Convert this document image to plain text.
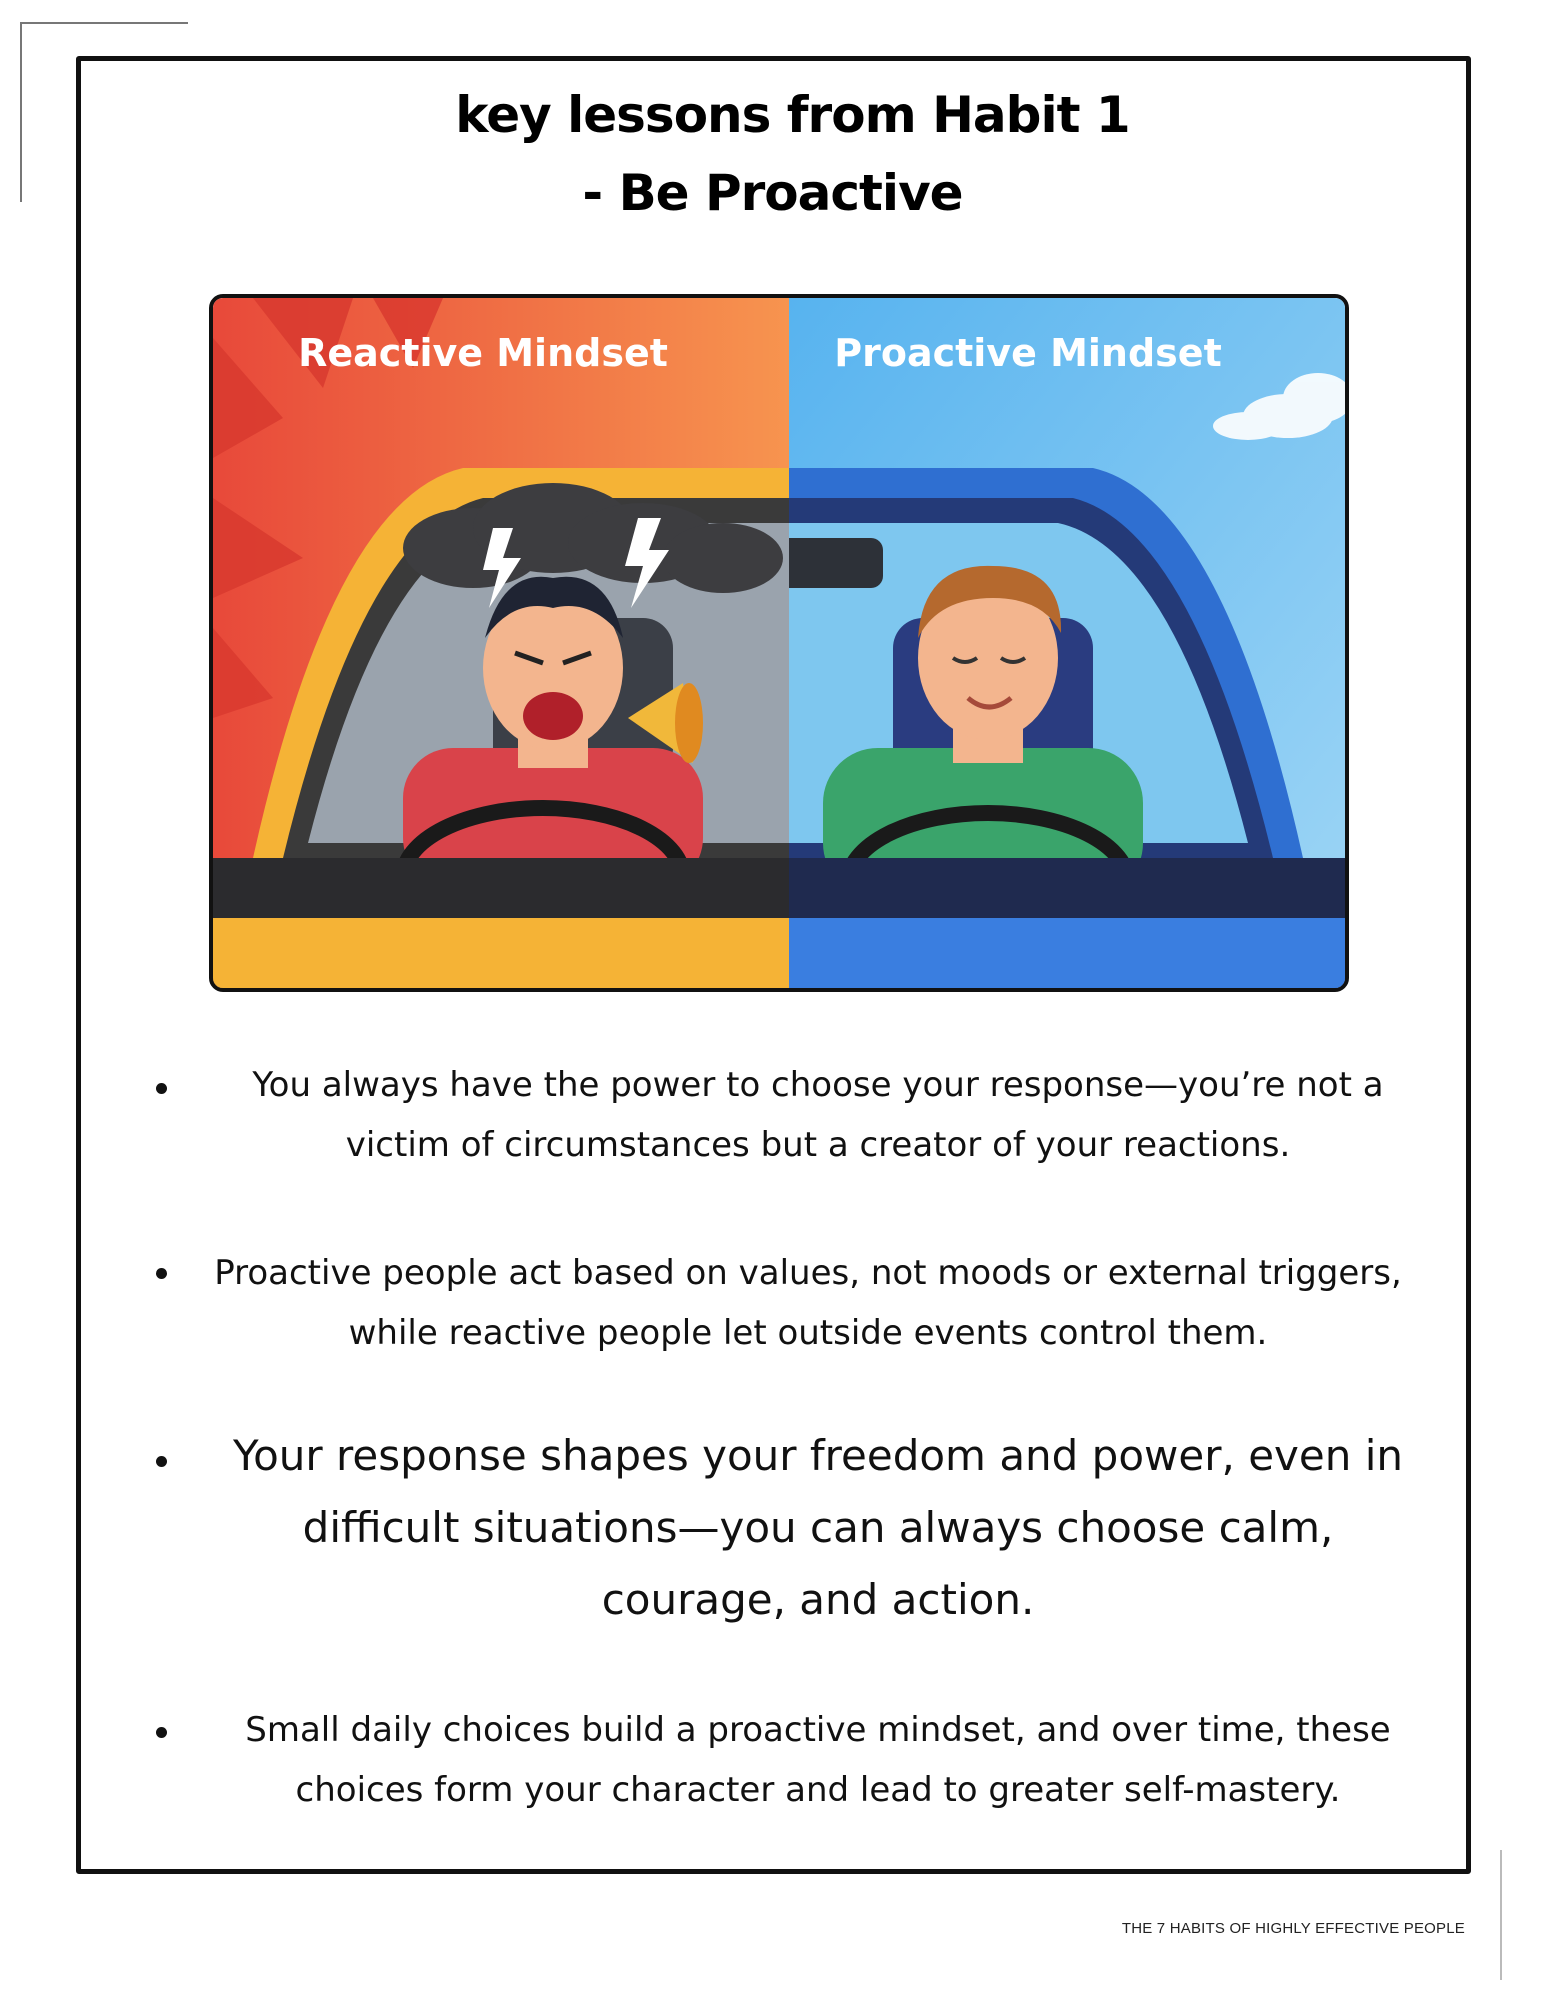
key lessons from Habit 1
- Be Proactive
Reactive Mindset	Proactive Mindset
You always have the power to choose your response—you’re not a victim of circumstances but a creator of your reactions.
Proactive people act based on values, not moods or external triggers, while reactive people let outside events control them.
Your response shapes your freedom and power, even in difficult situations—you can always choose calm, courage, and action.
Small daily choices build a proactive mindset, and over time, these choices form your character and lead to greater self-mastery.
THE 7 HABITS OF HIGHLY EFFECTIVE PEOPLE
